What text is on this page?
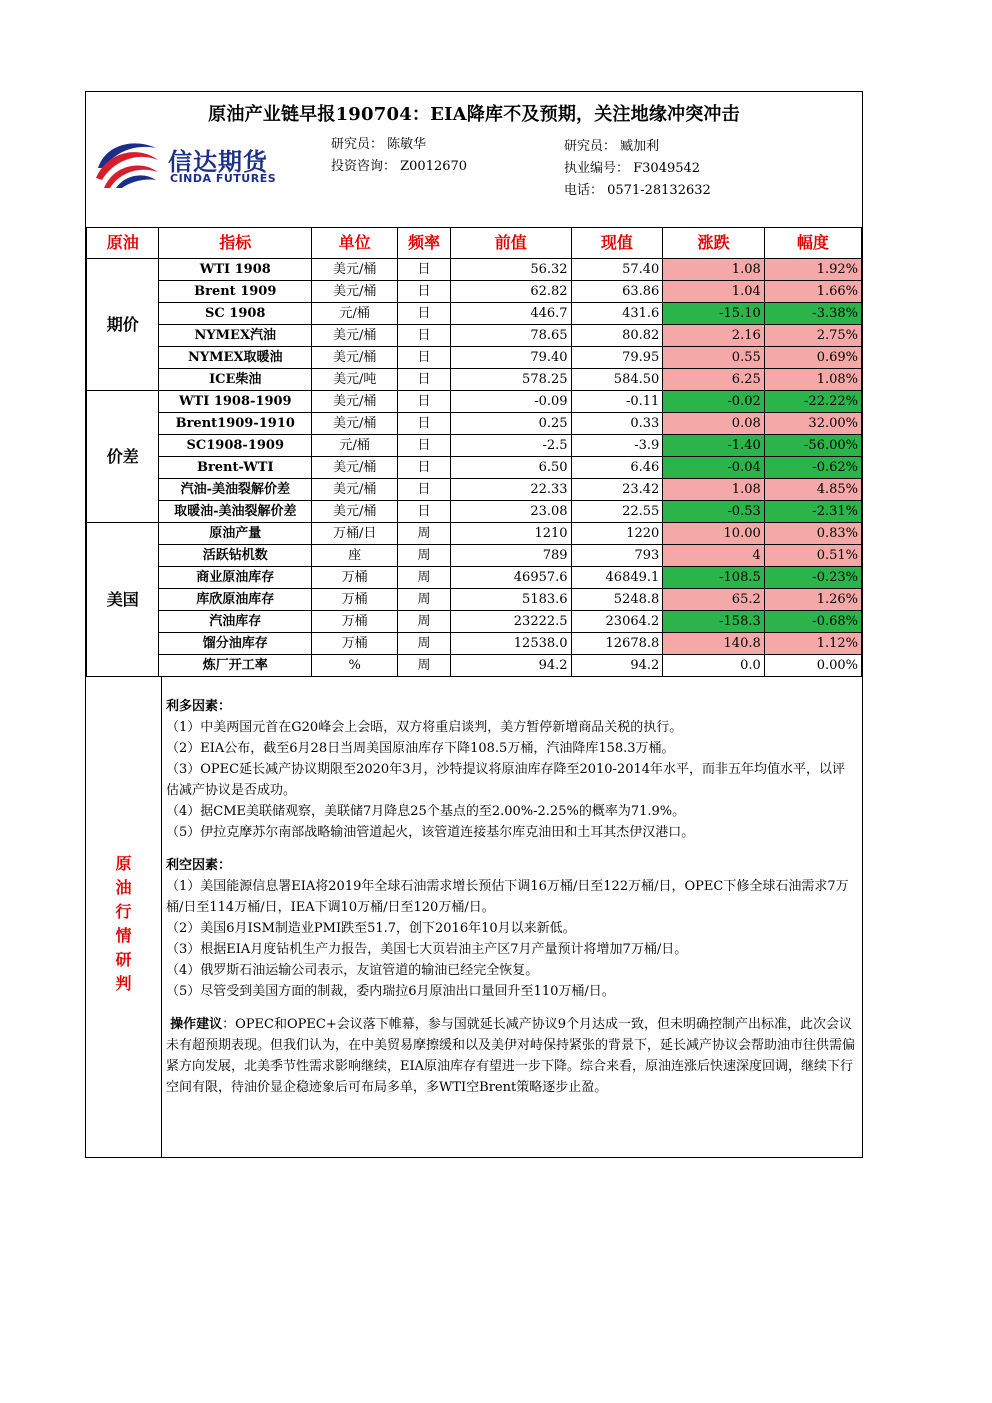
原油产业链早报190704：EIA降库不及预期，关注地缘冲突冲击
信达期货
CINDA FUTURES
研究员： 陈敏华
投资咨询： Z0012670
研究员： 臧加利
执业编号： F3049542
电话： 0571-28132632
原油	指标	单位	频率	前值	现值	涨跌	幅度
期价	WTI 1908	美元/桶	日	56.32	57.40	1.08	1.92%
	Brent 1909	美元/桶	日	62.82	63.86	1.04	1.66%
	SC 1908	元/桶	日	446.7	431.6	-15.10	-3.38%
	NYMEX汽油	美元/桶	日	78.65	80.82	2.16	2.75%
	NYMEX取暖油	美元/桶	日	79.40	79.95	0.55	0.69%
	ICE柴油	美元/吨	日	578.25	584.50	6.25	1.08%
价差	WTI 1908-1909	美元/桶	日	-0.09	-0.11	-0.02	-22.22%
	Brent1909-1910	美元/桶	日	0.25	0.33	0.08	32.00%
	SC1908-1909	元/桶	日	-2.5	-3.9	-1.40	-56.00%
	Brent-WTI	美元/桶	日	6.50	6.46	-0.04	-0.62%
	汽油-美油裂解价差	美元/桶	日	22.33	23.42	1.08	4.85%
	取暖油-美油裂解价差	美元/桶	日	23.08	22.55	-0.53	-2.31%
美国	原油产量	万桶/日	周	1210	1220	10.00	0.83%
	活跃钻机数	座	周	789	793	4	0.51%
	商业原油库存	万桶	周	46957.6	46849.1	-108.5	-0.23%
	库欣原油库存	万桶	周	5183.6	5248.8	65.2	1.26%
	汽油库存	万桶	周	23222.5	23064.2	-158.3	-0.68%
	馏分油库存	万桶	周	12538.0	12678.8	140.8	1.12%
	炼厂开工率	%	周	94.2	94.2	0.0	0.00%
原
油
行
情
研
判

利多因素：

（1）中美两国元首在G20峰会上会晤，双方将重启谈判，美方暂停新增商品关税的执行。

（2）EIA公布，截至6月28日当周美国原油库存下降108.5万桶，汽油降库158.3万桶。

（3）OPEC延长减产协议期限至2020年3月，沙特提议将原油库存降至2010-2014年水平，而非五年均值水平，以评估减产协议是否成功。

（4）据CME美联储观察，美联储7月降息25个基点的至2.00%-2.25%的概率为71.9%。

（5）伊拉克摩苏尔南部战略输油管道起火，该管道连接基尔库克油田和土耳其杰伊汉港口。

利空因素：

（1）美国能源信息署EIA将2019年全球石油需求增长预估下调16万桶/日至122万桶/日，OPEC下修全球石油需求7万桶/日至114万桶/日，IEA下调10万桶/日至120万桶/日。

（2）美国6月ISM制造业PMI跌至51.7，创下2016年10月以来新低。

（3）根据EIA月度钻机生产力报告，美国七大页岩油主产区7月产量预计将增加7万桶/日。

（4）俄罗斯石油运输公司表示，友谊管道的输油已经完全恢复。

（5）尽管受到美国方面的制裁，委内瑞拉6月原油出口量回升至110万桶/日。

操作建议：OPEC和OPEC+会议落下帷幕，参与国就延长减产协议9个月达成一致，但未明确控制产出标准，此次会议未有超预期表现。但我们认为，在中美贸易摩擦缓和以及美伊对峙保持紧张的背景下，延长减产协议会帮助油市往供需偏紧方向发展，北美季节性需求影响继续，EIA原油库存有望进一步下降。综合来看，原油连涨后快速深度回调，继续下行空间有限，待油价显企稳迹象后可布局多单，多WTI空Brent策略逐步止盈。
